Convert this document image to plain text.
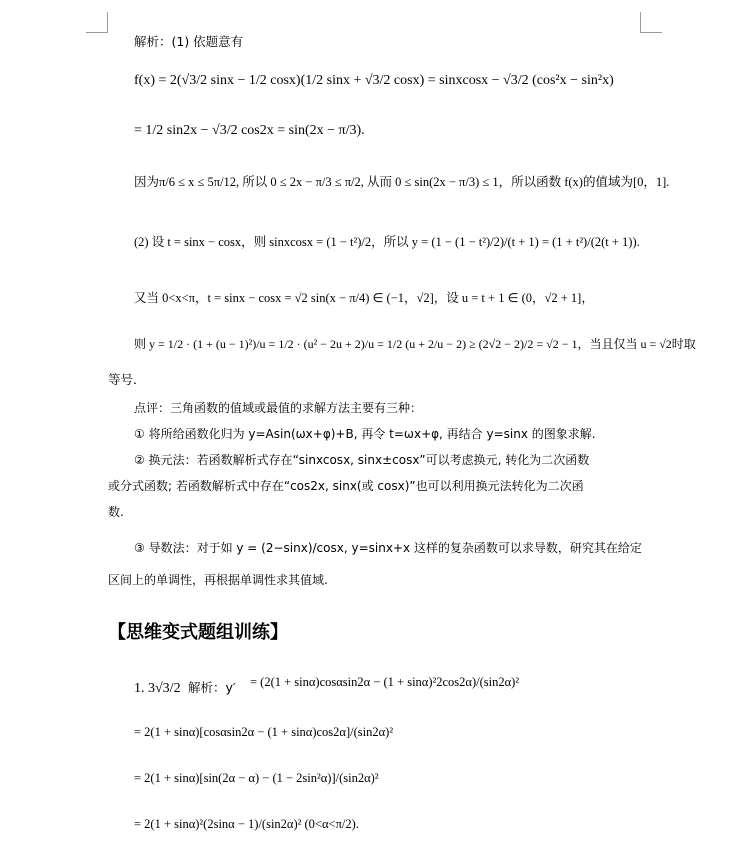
解析：(1) 依题意有
f(x) = 2(√3/2 sinx − 1/2 cosx)(1/2 sinx + √3/2 cosx) = sinxcosx − √3/2 (cos²x − sin²x)
= 1/2 sin2x − √3/2 cos2x = sin(2x − π/3).
因为π/6 ≤ x ≤ 5π/12, 所以 0 ≤ 2x − π/3 ≤ π/2, 从而 0 ≤ sin(2x − π/3) ≤ 1，所以函数 f(x)的值域为[0，1].
(2) 设 t = sinx − cosx，则 sinxcosx = (1 − t²)/2，所以 y = (1 − (1 − t²)/2)/(t + 1) = (1 + t²)/(2(t + 1)).
又当 0<x<π，t = sinx − cosx = √2 sin(x − π/4) ∈ (−1，√2]，设 u = t + 1 ∈ (0，√2 + 1]，
则 y = 1/2 · (1 + (u − 1)²)/u = 1/2 · (u² − 2u + 2)/u = 1/2 (u + 2/u − 2) ≥ (2√2 − 2)/2 = √2 − 1，当且仅当 u = √2时取
等号.
点评：三角函数的值域或最值的求解方法主要有三种：
① 将所给函数化归为 y=Asin(ωx+φ)+B, 再令 t=ωx+φ, 再结合 y=sinx 的图象求解.
② 换元法：若函数解析式存在“sinxcosx, sinx±cosx”可以考虑换元, 转化为二次函数
或分式函数; 若函数解析式中存在“cos2x, sinx(或 cosx)”也可以利用换元法转化为二次函
数.
③ 导数法：对于如 y = (2−sinx)/cosx, y=sinx+x 这样的复杂函数可以求导数，研究其在给定
区间上的单调性，再根据单调性求其值域.
【思维变式题组训练】
1. 3√3/2 解析：y′ = (2(1 + sinα)cosαsin2α − (1 + sinα)²2cos2α)/(sin2α)²
= 2(1 + sinα)[cosαsin2α − (1 + sinα)cos2α]/(sin2α)²
= 2(1 + sinα)[sin(2α − α) − (1 − 2sin²α)]/(sin2α)²
= 2(1 + sinα)²(2sinα − 1)/(sin2α)² (0<α<π/2).
